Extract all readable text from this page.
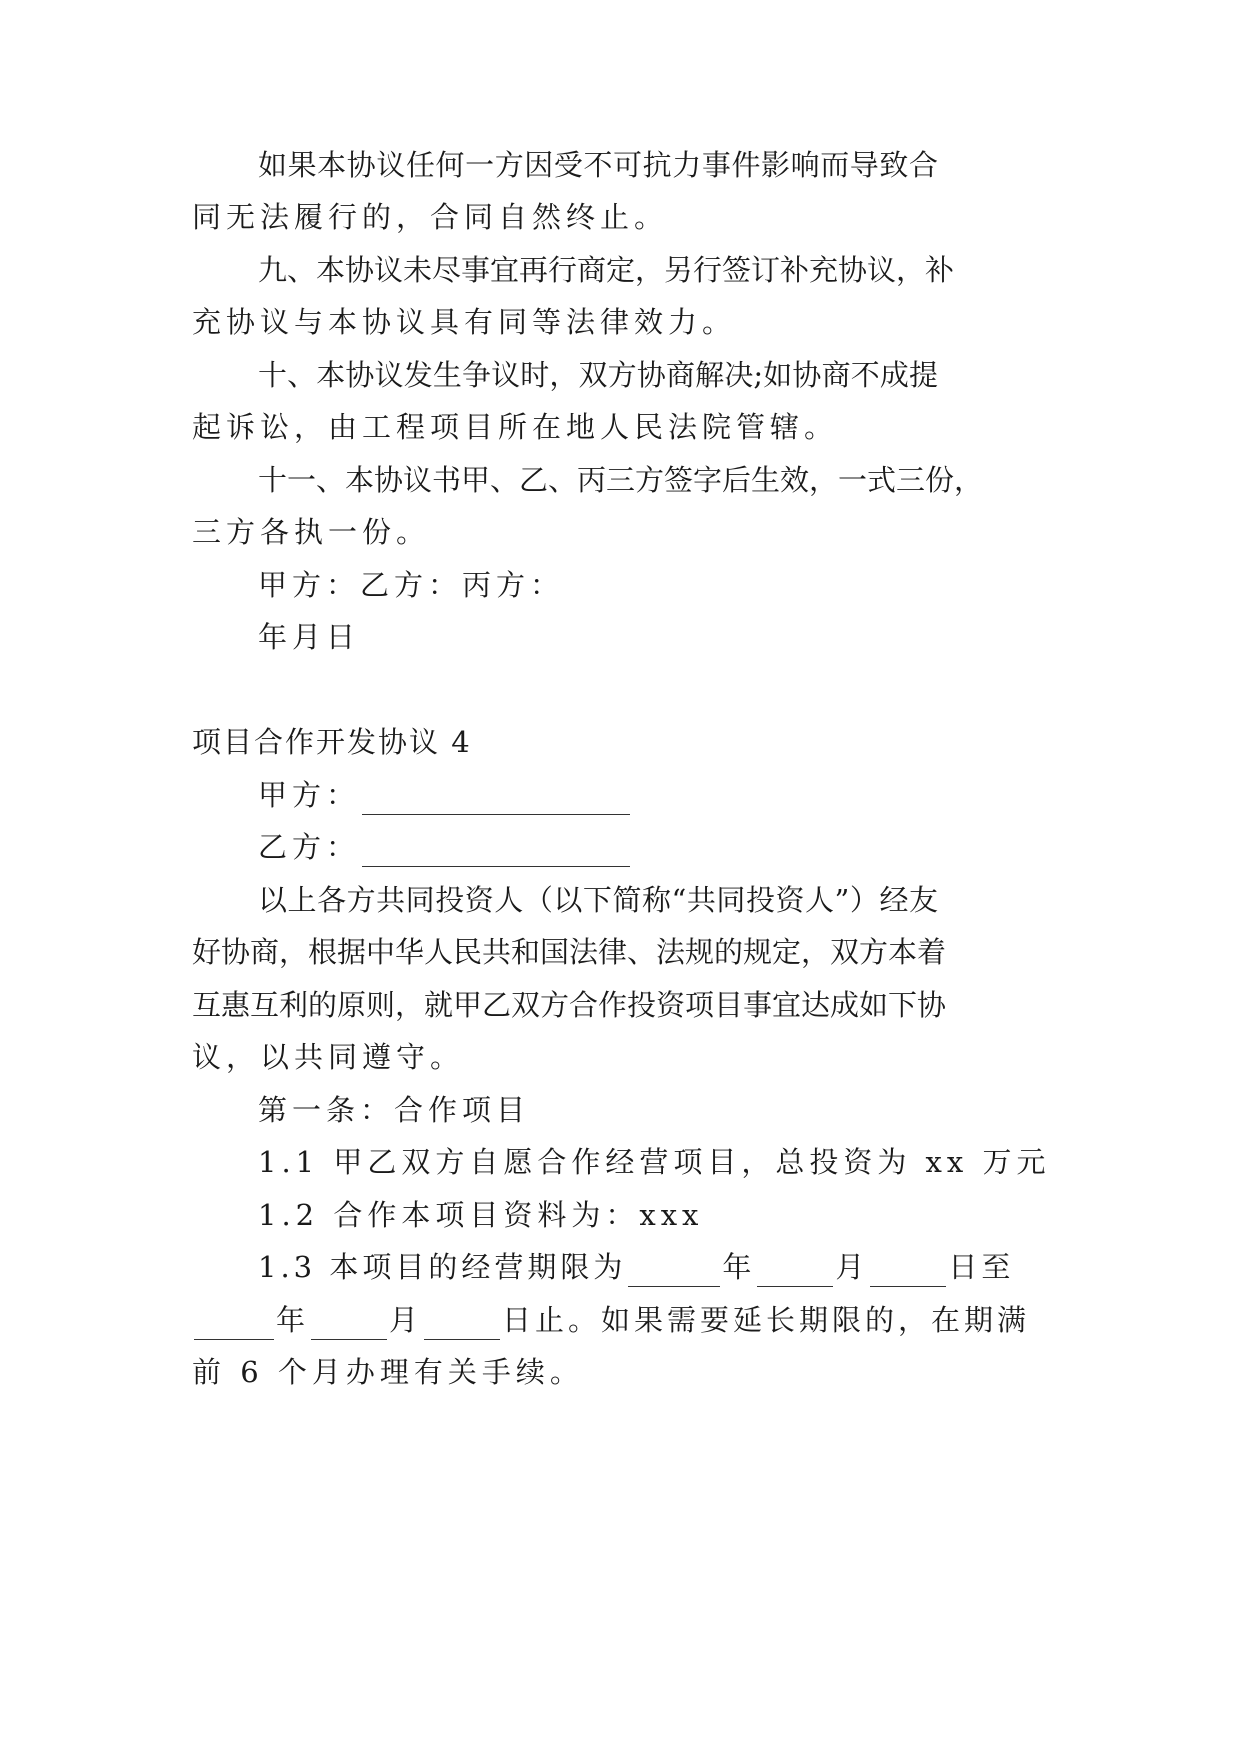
如果本协议任何一方因受不可抗力事件影响而导致合
同无法履行的，合同自然终止。
九、本协议未尽事宜再行商定，另行签订补充协议，补
充协议与本协议具有同等法律效力。
十、本协议发生争议时，双方协商解决;如协商不成提
起诉讼，由工程项目所在地人民法院管辖。
十一、本协议书甲、乙、丙三方签字后生效，一式三份，
三方各执一份。
甲方：乙方：丙方：
年月日
项目合作开发协议 4
甲方：
乙方：
以上各方共同投资人（以下简称“共同投资人”）经友
好协商，根据中华人民共和国法律、法规的规定，双方本着
互惠互利的原则，就甲乙双方合作投资项目事宜达成如下协
议，以共同遵守。
第一条：合作项目
1.1 甲乙双方自愿合作经营项目，总投资为 xx 万元
1.2 合作本项目资料为：xxx
1.3 本项目的经营期限为	年	月	日至
年	月	日止。如果需要延长期限的，在期满
前 6 个月办理有关手续。
